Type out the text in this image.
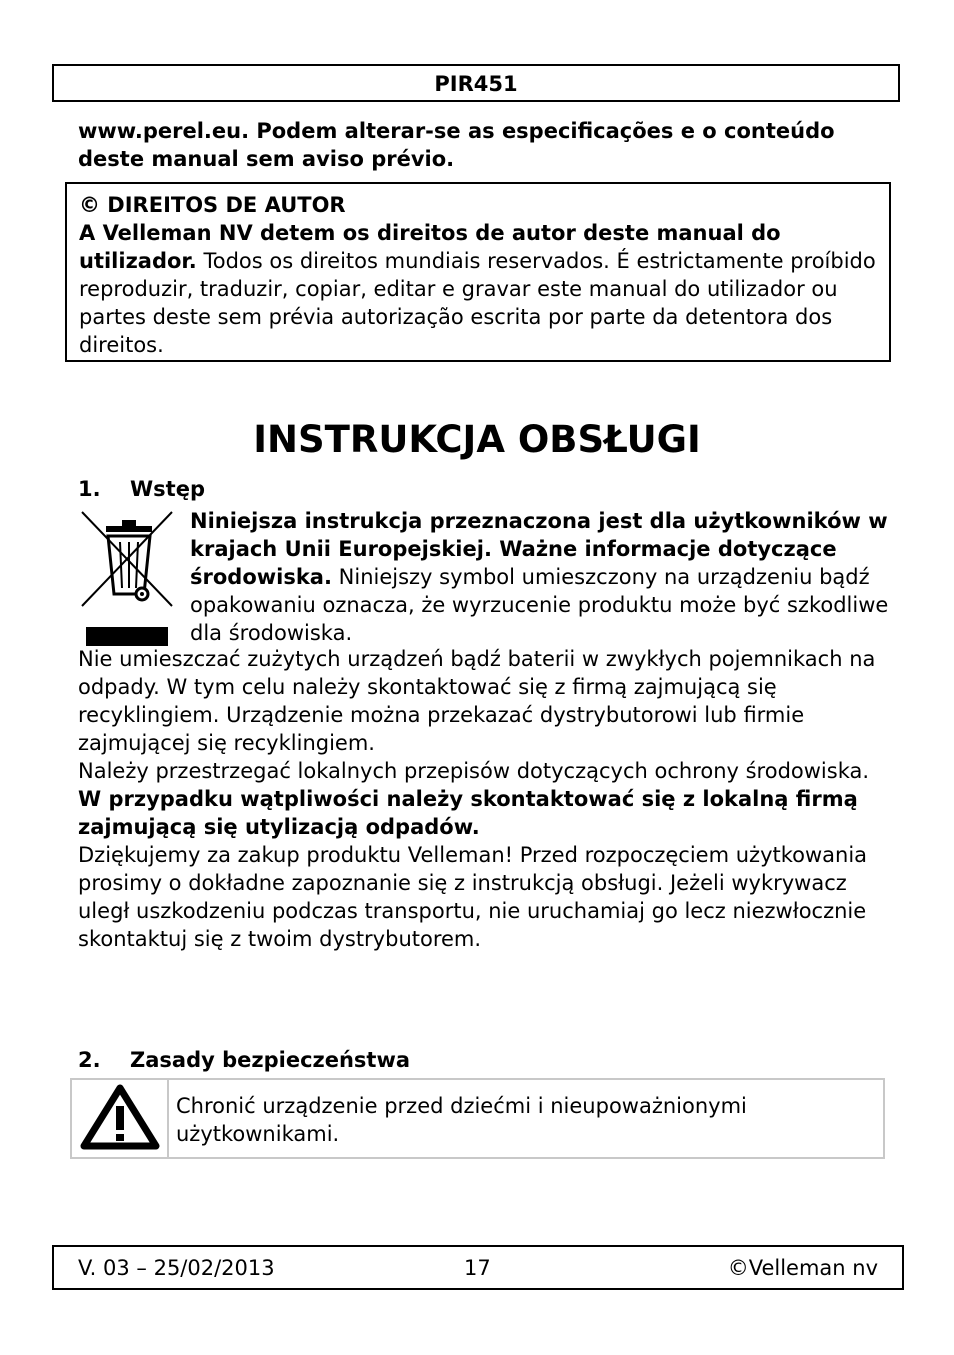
PIR451
www.perel.eu. Podem alterar-se as especificações e o conteúdo deste manual sem aviso prévio.
© DIREITOS DE AUTOR
A Velleman NV detem os direitos de autor deste manual do utilizador. Todos os direitos mundiais reservados. É estrictamente proíbido reproduzir, traduzir, copiar, editar e gravar este manual do utilizador ou partes deste sem prévia autorização escrita por parte da detentora dos direitos.
INSTRUKCJA OBSŁUGI
1. Wstęp
Niniejsza instrukcja przeznaczona jest dla użytkowników w krajach Unii Europejskiej. Ważne informacje dotyczące środowiska. Niniejszy symbol umieszczony na urządzeniu bądź opakowaniu oznacza, że wyrzucenie produktu może być szkodliwe dla środowiska.

Nie umieszczać zużytych urządzeń bądź baterii w zwykłych pojemnikach na odpady. W tym celu należy skontaktować się z firmą zajmującą się recyklingiem. Urządzenie można przekazać dystrybutorowi lub firmie zajmującej się recyklingiem.

Należy przestrzegać lokalnych przepisów dotyczących ochrony środowiska.

W przypadku wątpliwości należy skontaktować się z lokalną firmą zajmującą się utylizacją odpadów.

Dziękujemy za zakup produktu Velleman! Przed rozpoczęciem użytkowania prosimy o dokładne zapoznanie się z instrukcją obsługi. Jeżeli wykrywacz uległ uszkodzeniu podczas transportu, nie uruchamiaj go lecz niezwłocznie skontaktuj się z twoim dystrybutorem.

2. Zasady bezpieczeństwa
Chronić urządzenie przed dziećmi i nieupoważnionymi użytkownikami.
V. 03 – 25/02/2013	17	©Velleman nv
